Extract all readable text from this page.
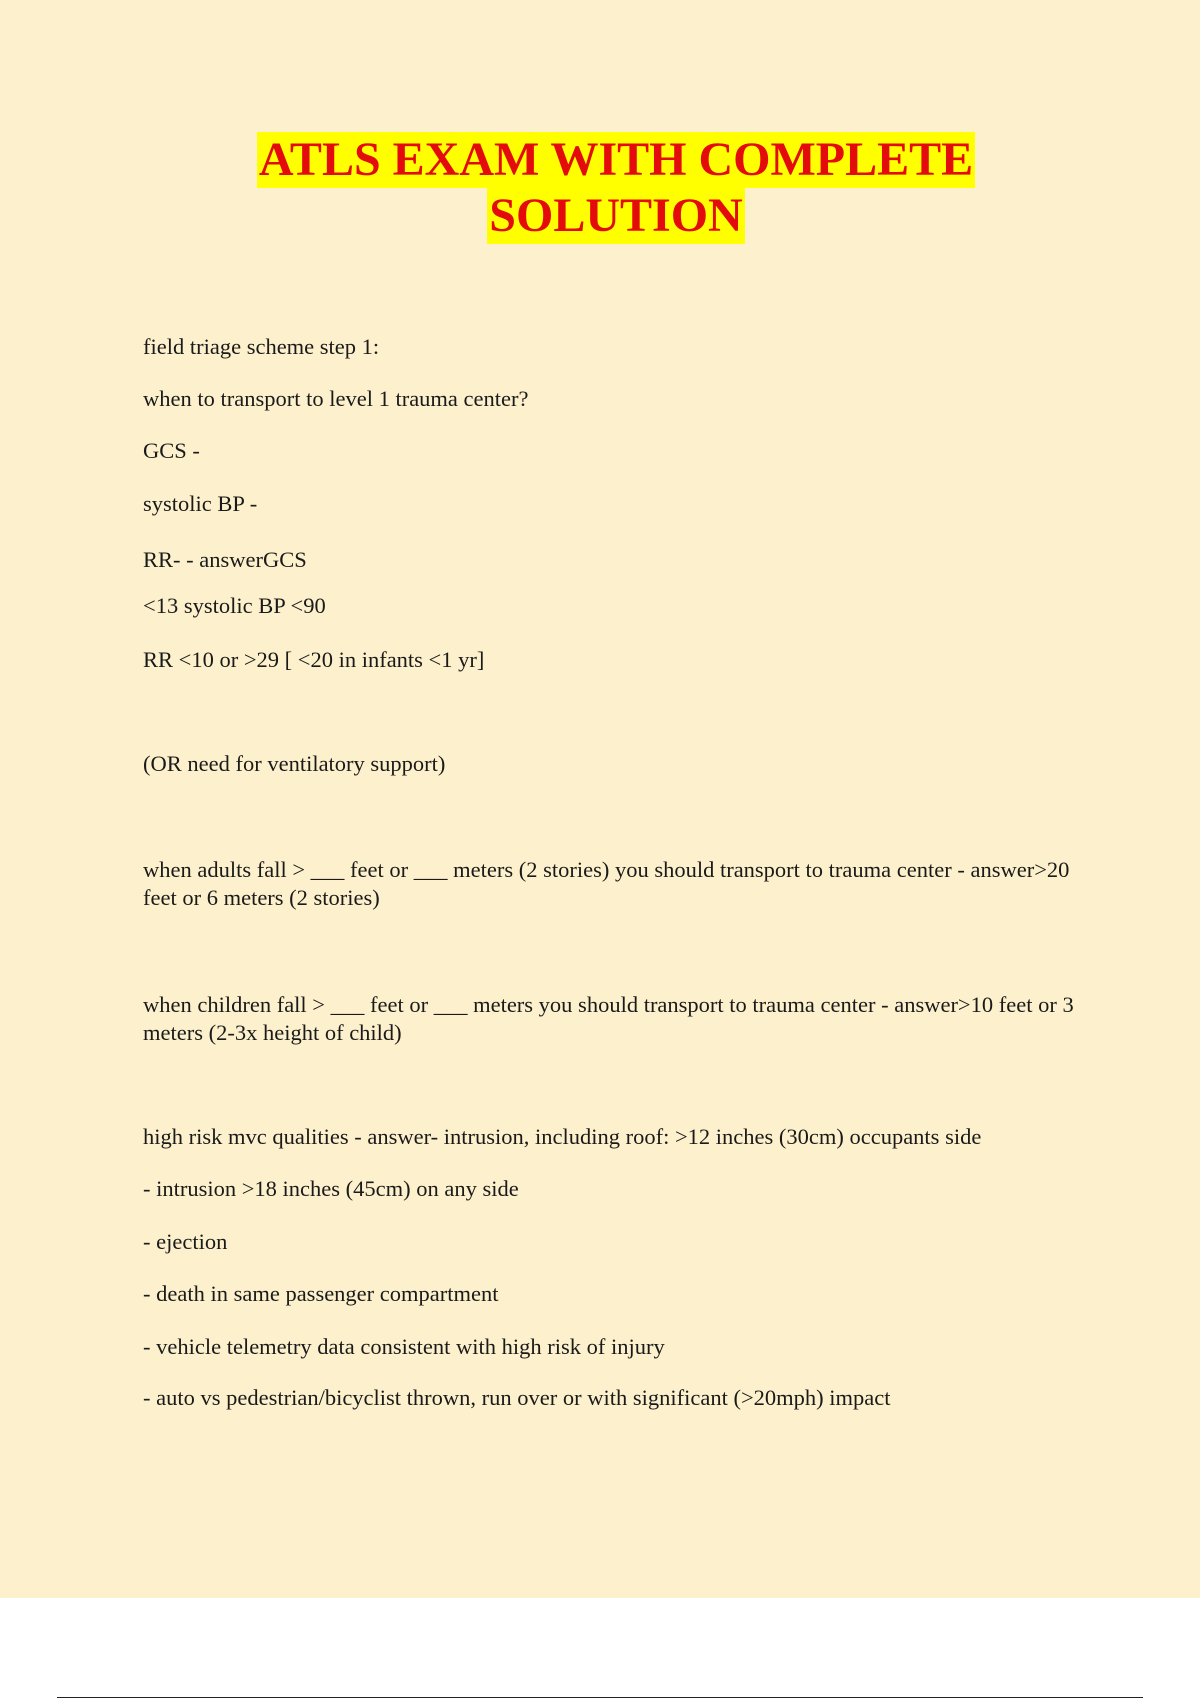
ATLS EXAM WITH COMPLETE
SOLUTION
field triage scheme step 1:
when to transport to level 1 trauma center?
GCS -
systolic BP -
RR- - answerGCS
<13 systolic BP <90
RR <10 or >29 [ <20 in infants <1 yr]
(OR need for ventilatory support)
when adults fall > ___ feet or ___ meters (2 stories) you should transport to trauma center - answer>20 feet or 6 meters (2 stories)
when children fall > ___ feet or ___ meters you should transport to trauma center - answer>10 feet or 3 meters (2-3x height of child)
high risk mvc qualities - answer- intrusion, including roof: >12 inches (30cm) occupants side
- intrusion >18 inches (45cm) on any side
- ejection
- death in same passenger compartment
- vehicle telemetry data consistent with high risk of injury
- auto vs pedestrian/bicyclist thrown, run over or with significant (>20mph) impact
